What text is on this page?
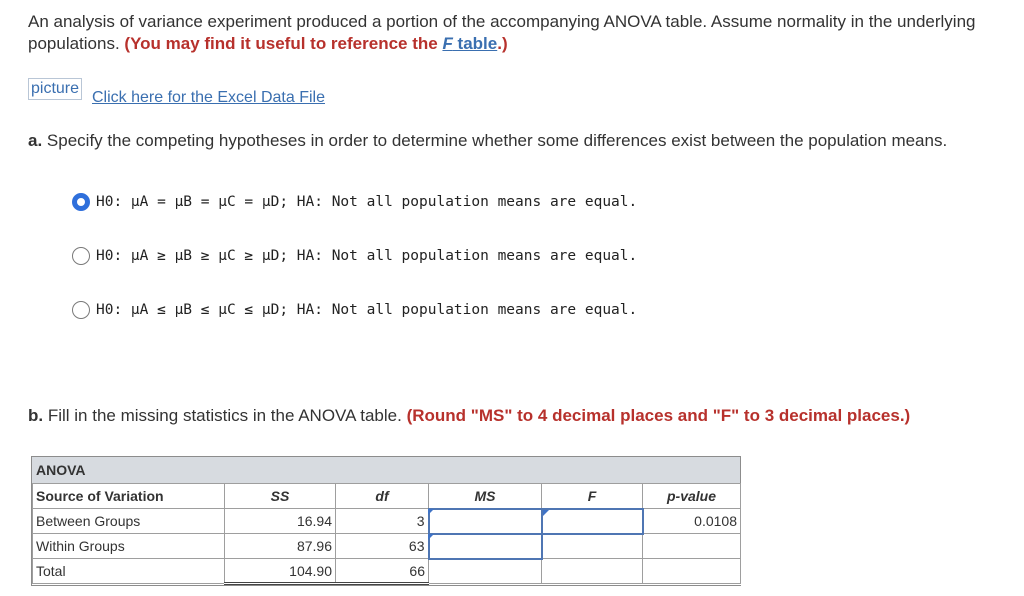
An analysis of variance experiment produced a portion of the accompanying ANOVA table. Assume normality in the underlying populations. (You may find it useful to reference the F table.)
picture
Click here for the Excel Data File
a. Specify the competing hypotheses in order to determine whether some differences exist between the population means.
H0: μA = μB = μC = μD; HA: Not all population means are equal.
H0: μA ≥ μB ≥ μC ≥ μD; HA: Not all population means are equal.
H0: μA ≤ μB ≤ μC ≤ μD; HA: Not all population means are equal.
b. Fill in the missing statistics in the ANOVA table. (Round "MS" to 4 decimal places and "F" to 3 decimal places.)
ANOVA
Source of Variation	SS	df	MS	F	p-value
Between Groups	16.94	3			0.0108
Within Groups	87.96	63

Total	104.90	66			
